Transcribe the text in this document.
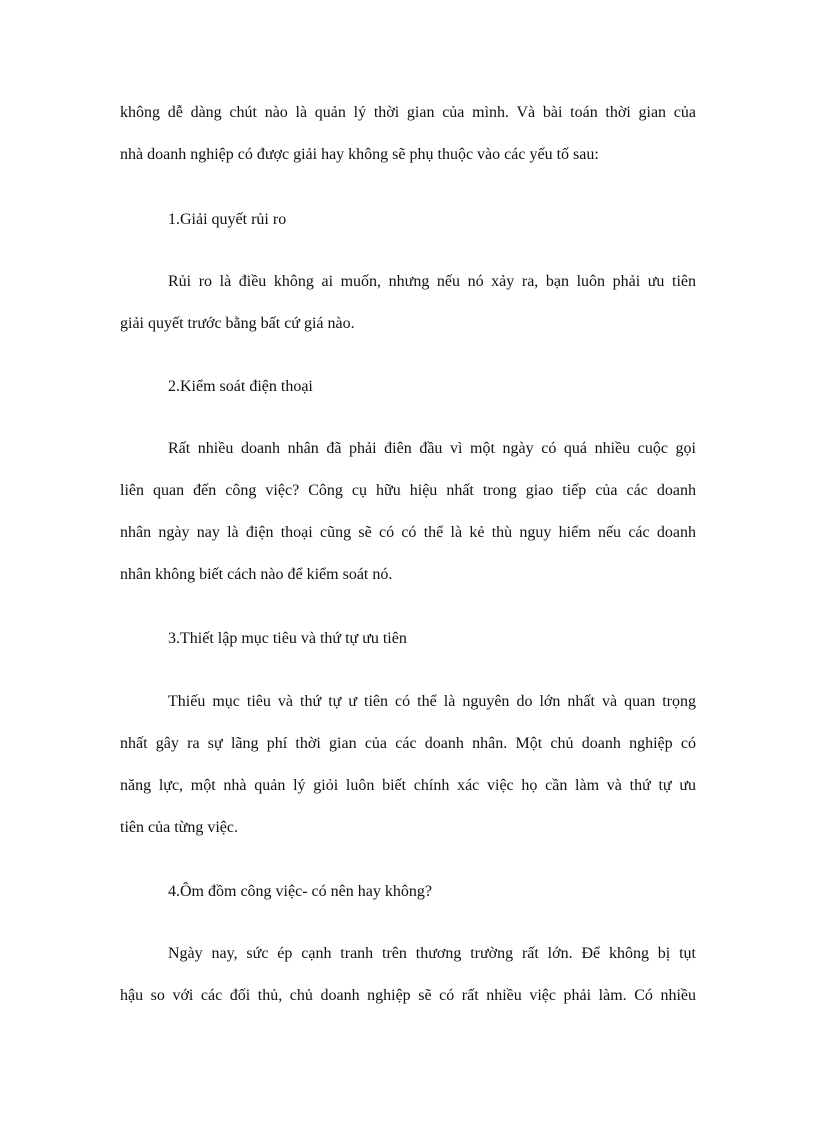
không dễ dàng chút nào là quản lý thời gian của mình. Và bài toán thời gian của
nhà doanh nghiệp có được giải hay không sẽ phụ thuộc vào các yếu tố sau:
1.Giải quyết rủi ro
Rủi ro là điều không ai muốn, nhưng nếu nó xảy ra, bạn luôn phải ưu tiên
giải quyết trước bằng bất cứ giá nào.
2.Kiểm soát điện thoại
Rất nhiều doanh nhân đã phải điên đầu vì một ngày có quá nhiều cuộc gọi
liên quan đến công việc? Công cụ hữu hiệu nhất trong giao tiếp của các doanh
nhân ngày nay là điện thoại cũng sẽ có có thể là kẻ thù nguy hiểm nếu các doanh
nhân không biết cách nào để kiểm soát nó.
3.Thiết lập mục tiêu và thứ tự ưu tiên
Thiếu mục tiêu và thứ tự ư tiên có thể là nguyên do lớn nhất và quan trọng
nhất gây ra sự lãng phí thời gian của các doanh nhân. Một chủ doanh nghiệp có
năng lực, một nhà quản lý giỏi luôn biết chính xác việc họ cần làm và thứ tự ưu
tiên của từng việc.
4.Ôm đồm công việc- có nên hay không?
Ngày nay, sức ép cạnh tranh trên thương trường rất lớn. Để không bị tụt
hậu so với các đối thủ, chủ doanh nghiệp sẽ có rất nhiều việc phải làm. Có nhiều
